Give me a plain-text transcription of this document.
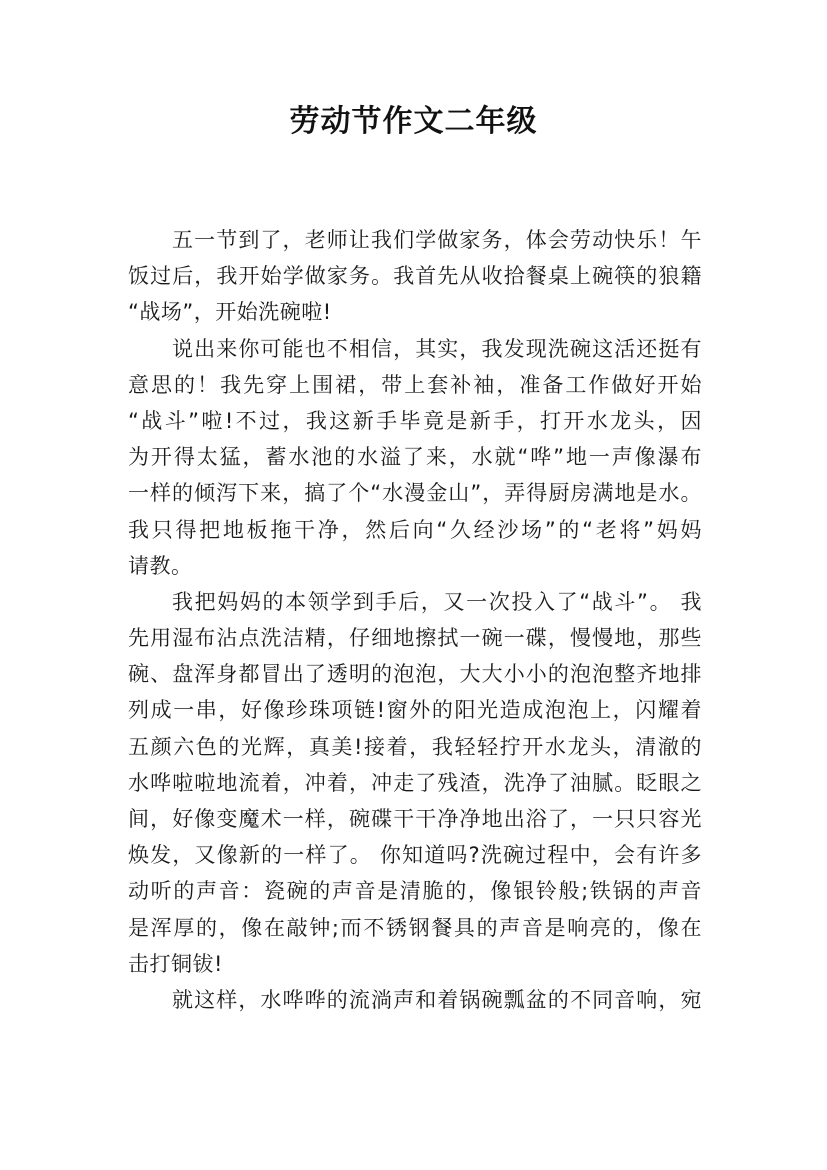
劳动节作文二年级
五一节到了，老师让我们学做家务，体会劳动快乐！午
饭过后，我开始学做家务。我首先从收拾餐桌上碗筷的狼籍
“战场”，开始洗碗啦!
说出来你可能也不相信，其实，我发现洗碗这活还挺有
意思的！我先穿上围裙，带上套补袖，准备工作做好开始
“战斗”啦!不过，我这新手毕竟是新手，打开水龙头，因
为开得太猛，蓄水池的水溢了来，水就“哗”地一声像瀑布
一样的倾泻下来，搞了个“水漫金山”，弄得厨房满地是水。
我只得把地板拖干净，然后向“久经沙场”的“老将”妈妈
请教。
我把妈妈的本领学到手后，又一次投入了“战斗”。 我
先用湿布沾点洗洁精，仔细地擦拭一碗一碟，慢慢地，那些
碗、盘浑身都冒出了透明的泡泡，大大小小的泡泡整齐地排
列成一串，好像珍珠项链!窗外的阳光造成泡泡上，闪耀着
五颜六色的光辉，真美!接着，我轻轻拧开水龙头，清澈的
水哗啦啦地流着，冲着，冲走了残渣，洗净了油腻。眨眼之
间，好像变魔术一样，碗碟干干净净地出浴了，一只只容光
焕发，又像新的一样了。 你知道吗?洗碗过程中，会有许多
动听的声音：瓷碗的声音是清脆的，像银铃般;铁锅的声音
是浑厚的，像在敲钟;而不锈钢餐具的声音是响亮的，像在
击打铜钹!
就这样，水哗哗的流淌声和着锅碗瓢盆的不同音响，宛
